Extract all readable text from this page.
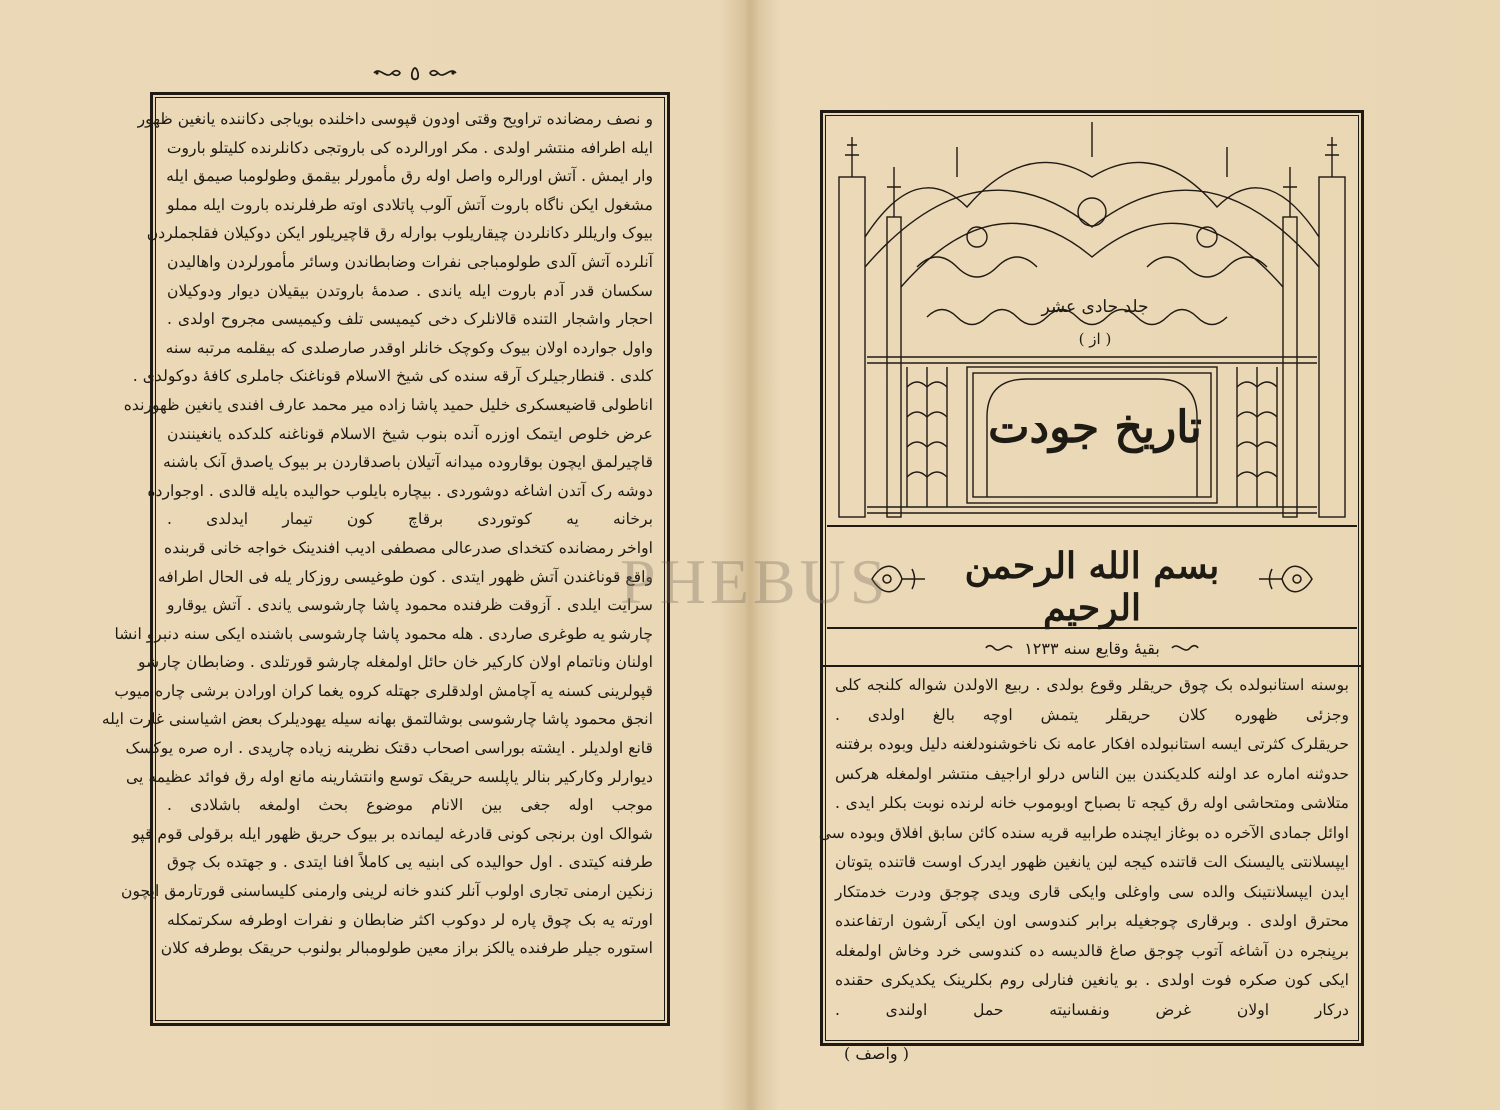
٥
و نصف رمضانده تراویح وقتی اودون قپوسی داخلنده بویاجی دکاننده یانغین ظهور
ایله اطرافه منتشر اولدی . مکر اورالرده کی باروتجی دکانلرنده کلیتلو باروت
وار ایمش . آتش اورالره واصل اوله رق مأمورلر بیقمق وطولومبا صیمق ایله
مشغول ایکن ناگاه باروت آتش آلوب پاتلادی اوته طرفلرنده باروت ایله مملو
بیوک واریللر دکانلردن چیقاریلوب بوارله رق قاچیریلور ایکن دوکیلان فقلجملردن
آنلرده آتش آلدی طولومباجی نفرات وضابطاندن وسائر مأمورلردن واهالیدن
سکسان قدر آدم باروت ایله یاندی . صدمهٔ باروتدن بیقیلان دیوار ودوکیلان
احجار واشجار التنده قالانلرک دخی کیمیسی تلف وکیمیسی مجروح اولدی .
واول جوارده اولان بیوک وکوچک خانلر اوقدر صارصلدی که بیقلمه مرتبه سنه
کلدی . قنطارجیلرک آرقه سنده کی شیخ الاسلام قوناغنک جاملری کافهٔ دوکولدی .
اناطولی قاضیعسکری خلیل حمید پاشا زاده میر محمد عارف افندی یانغین ظهورنده
عرض خلوص ایتمک اوزره آنده بنوب شیخ الاسلام قوناغنه کلدکده یانغینندن
قاچیرلمق ایچون بوقاروده میدانه آتیلان باصدقاردن بر بیوک یاصدق آنک باشنه
دوشه رک آتدن اشاغه دوشوردی . بیچاره بایلوب حوالیده بایله قالدی . اوجوارده
برخانه یه کوتوردی برقاچ کون تیمار ایدلدی .
اواخر رمضانده کتخدای صدرعالی مصطفی ادیب افندینک خواجه خانی قربنده
واقع قوناغندن آتش ظهور ایتدی . کون طوغیسی روزکار یله فی الحال اطرافه
سرایت ایلدی . آزوقت ظرفنده محمود پاشا چارشوسی یاندی . آتش یوقارو
چارشو یه طوغری صاردی . هله محمود پاشا چارشوسی باشنده ایکی سنه دنبرو انشا
اولنان وناتمام اولان کارکیر خان حائل اولمغله چارشو قورتلدی . وضابطان چارشو
قپولرینی کسنه یه آچامش اولدقلری جهتله کروه یغما کران اورادن برشی چاره میوب
انجق محمود پاشا چارشوسی بوشالتمق بهانه سیله یهودیلرک بعض اشیاسنی غارت ایله
قانع اولدیلر . ایشته بوراسی اصحاب دقتک نظرینه زیاده چارپدی . اره صره یوکسک
دیوارلر وکارکیر بنالر یاپلسه حریقک توسع وانتشارینه مانع اوله رق فوائد عظیمه یی
موجب اوله جغی بین الانام موضوع بحث اولمغه باشلادی .
شوالک اون برنجی کونی قادرغه لیمانده بر بیوک حریق ظهور ایله برقولی قوم قپو
طرفنه کیتدی . اول حوالیده کی ابنیه یی کاملاً افنا ایتدی . و جهتده بک چوق
زنکین ارمنی تجاری اولوب آنلر کندو خانه لرینی وارمنی کلیساسنی قورتارمق ایچون
اورته یه بک چوق پاره لر دوکوب اکثر ضابطان و نفرات اوطرفه سکرتمکله
استوره جیلر طرفنده یالکز براز معین طولومبالر بولنوب حریقک بوطرفه کلان
جلد حادی عشر
( از )
تاريخ جودت
بسم الله الرحمن الرحيم
بقیهٔ وقایع سنه ۱۲۳۳
بوسنه استانبولده بک چوق حریقلر وقوع بولدی . ربیع الاولدن شواله کلنجه کلی
وجزئی ظهوره کلان حریقلر یتمش اوچه بالغ اولدی .
حریقلرک کثرتی ایسه استانبولده افکار عامه نک ناخوشنودلغنه دلیل وبوده برفتنه
حدوثنه اماره عد اولنه کلدیکندن بین الناس درلو اراجیف منتشر اولمغله هرکس
متلاشی ومتحاشی اوله رق کیجه تا بصباح اوبوموب خانه لرنده نوبت بکلر ایدی .
اوائل جمادی الآخره ده بوغاز ایچنده طرابیه قریه سنده کائن سابق افلاق وبوده سی
ایپسلانتی یالیسنک الت قاتنده کیجه لین یانغین ظهور ایدرک اوست قاتنده یتوتان
ایدن ایپسلانتینک والده سی واوغلی وایکی قاری ویدی چوجق ودرت خدمتکار
محترق اولدی . وبرقاری چوجغیله برابر کندوسی اون ایکی آرشون ارتفاعنده
برپنجره دن آشاغه آتوب چوجق صاغ قالدیسه ده کندوسی خرد وخاش اولمغله
ایکی کون صکره فوت اولدی . بو یانغین فنارلی روم بکلرینک یکدیکری حقنده
درکار اولان غرض ونفسانیته حمل اولندی .
( واصف )
PHEBUS
